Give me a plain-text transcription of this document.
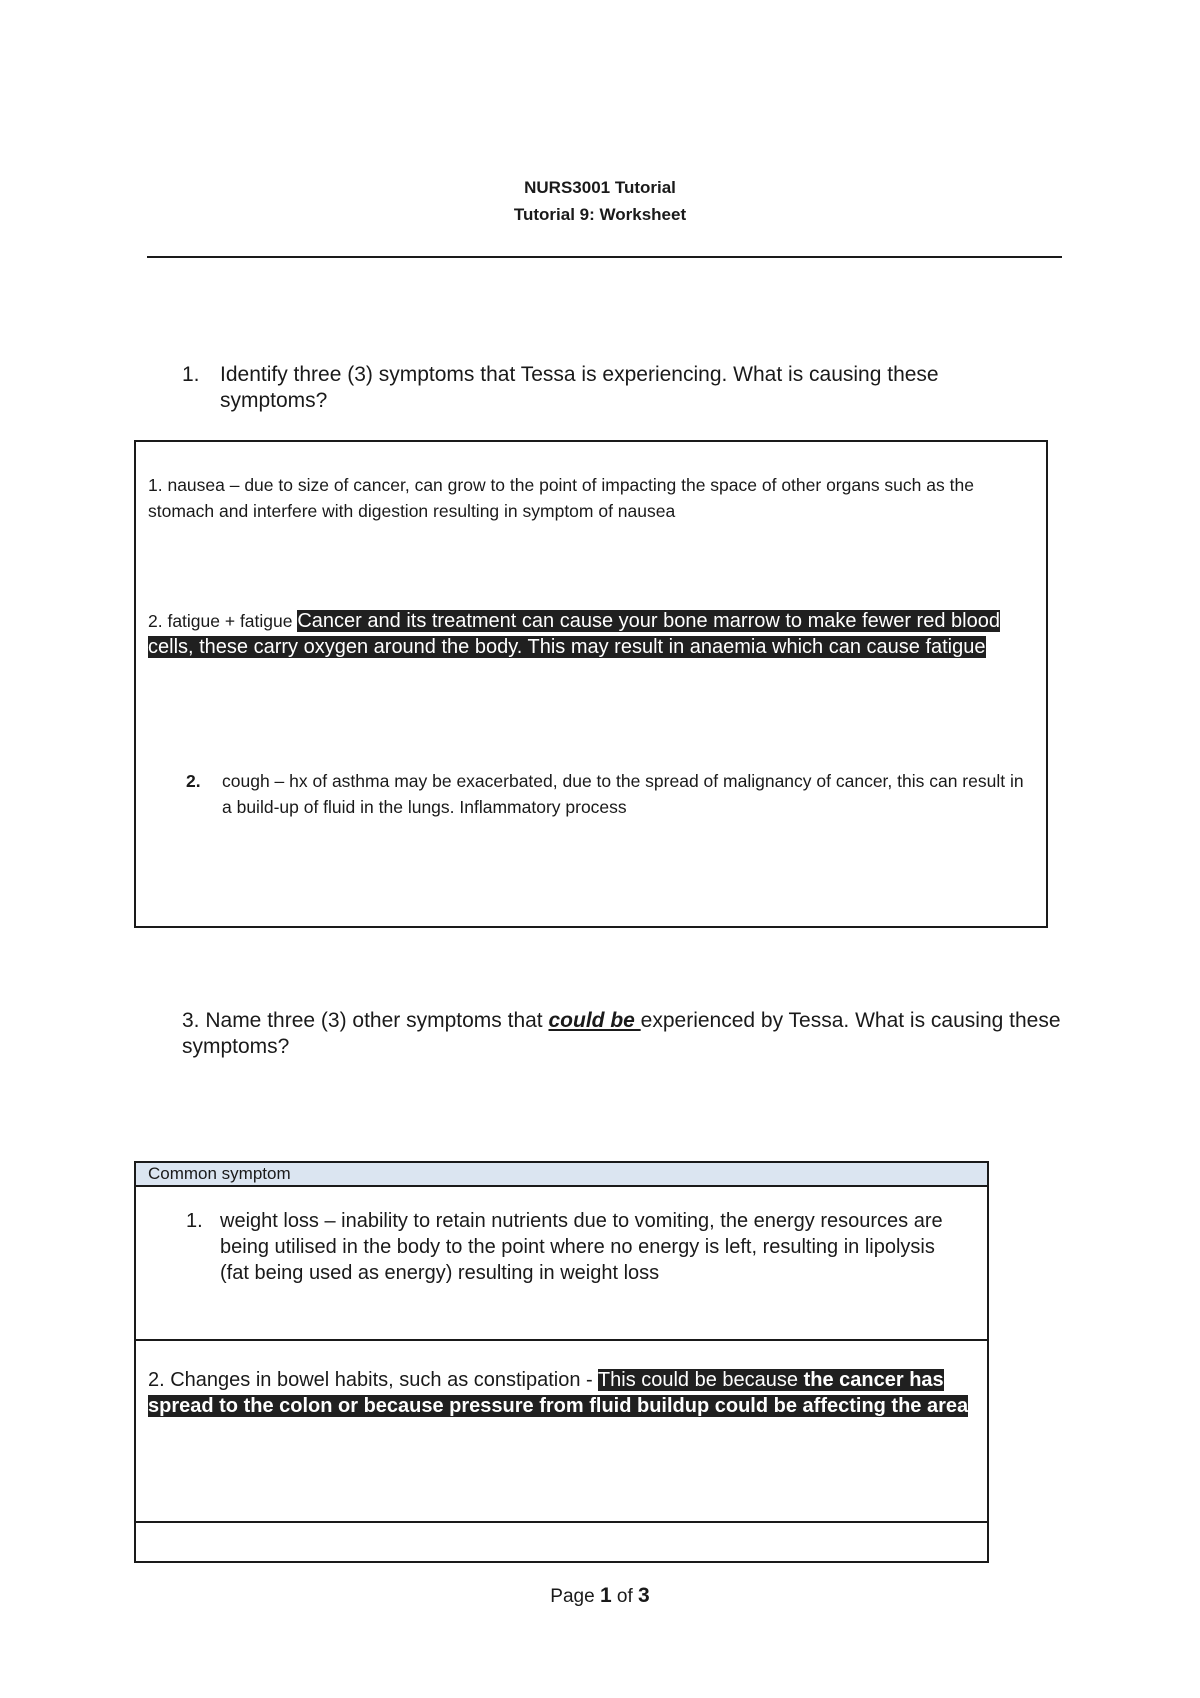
NURS3001 Tutorial
Tutorial 9: Worksheet
1. Identify three (3) symptoms that Tessa is experiencing. What is causing these symptoms?
1. nausea – due to size of cancer, can grow to the point of impacting the space of other organs such as the stomach and interfere with digestion resulting in symptom of nausea
2. fatigue + fatigue Cancer and its treatment can cause your bone marrow to make fewer red blood cells, these carry oxygen around the body. This may result in anaemia which can cause fatigue
2. cough – hx of asthma may be exacerbated, due to the spread of malignancy of cancer, this can result in a build-up of fluid in the lungs. Inflammatory process
3. Name three (3) other symptoms that could be experienced by Tessa. What is causing these symptoms?
Common symptom
1. weight loss – inability to retain nutrients due to vomiting, the energy resources are being utilised in the body to the point where no energy is left, resulting in lipolysis (fat being used as energy) resulting in weight loss
2. Changes in bowel habits, such as constipation - This could be because the cancer has spread to the colon or because pressure from fluid buildup could be affecting the area
Page 1 of 3
